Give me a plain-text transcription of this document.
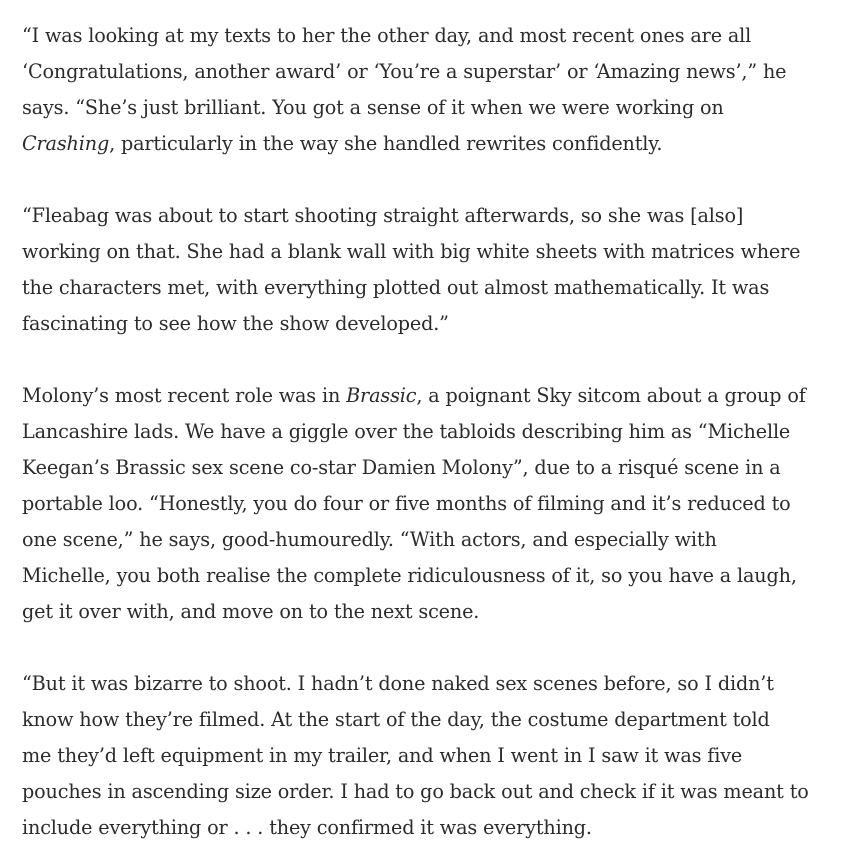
“I was looking at my texts to her the other day, and most recent ones are all
‘Congratulations, another award’ or ‘You’re a superstar’ or ‘Amazing news’,” he
says. “She’s just brilliant. You got a sense of it when we were working on
Crashing, particularly in the way she handled rewrites confidently.

“Fleabag was about to start shooting straight afterwards, so she was [also]
working on that. She had a blank wall with big white sheets with matrices where
the characters met, with everything plotted out almost mathematically. It was
fascinating to see how the show developed.”

Molony’s most recent role was in Brassic, a poignant Sky sitcom about a group of
Lancashire lads. We have a giggle over the tabloids describing him as “Michelle
Keegan’s Brassic sex scene co-star Damien Molony”, due to a risqué scene in a
portable loo. “Honestly, you do four or five months of filming and it’s reduced to
one scene,” he says, good-humouredly. “With actors, and especially with
Michelle, you both realise the complete ridiculousness of it, so you have a laugh,
get it over with, and move on to the next scene.

“But it was bizarre to shoot. I hadn’t done naked sex scenes before, so I didn’t
know how they’re filmed. At the start of the day, the costume department told
me they’d left equipment in my trailer, and when I went in I saw it was five
pouches in ascending size order. I had to go back out and check if it was meant to
include everything or . . . they confirmed it was everything.
